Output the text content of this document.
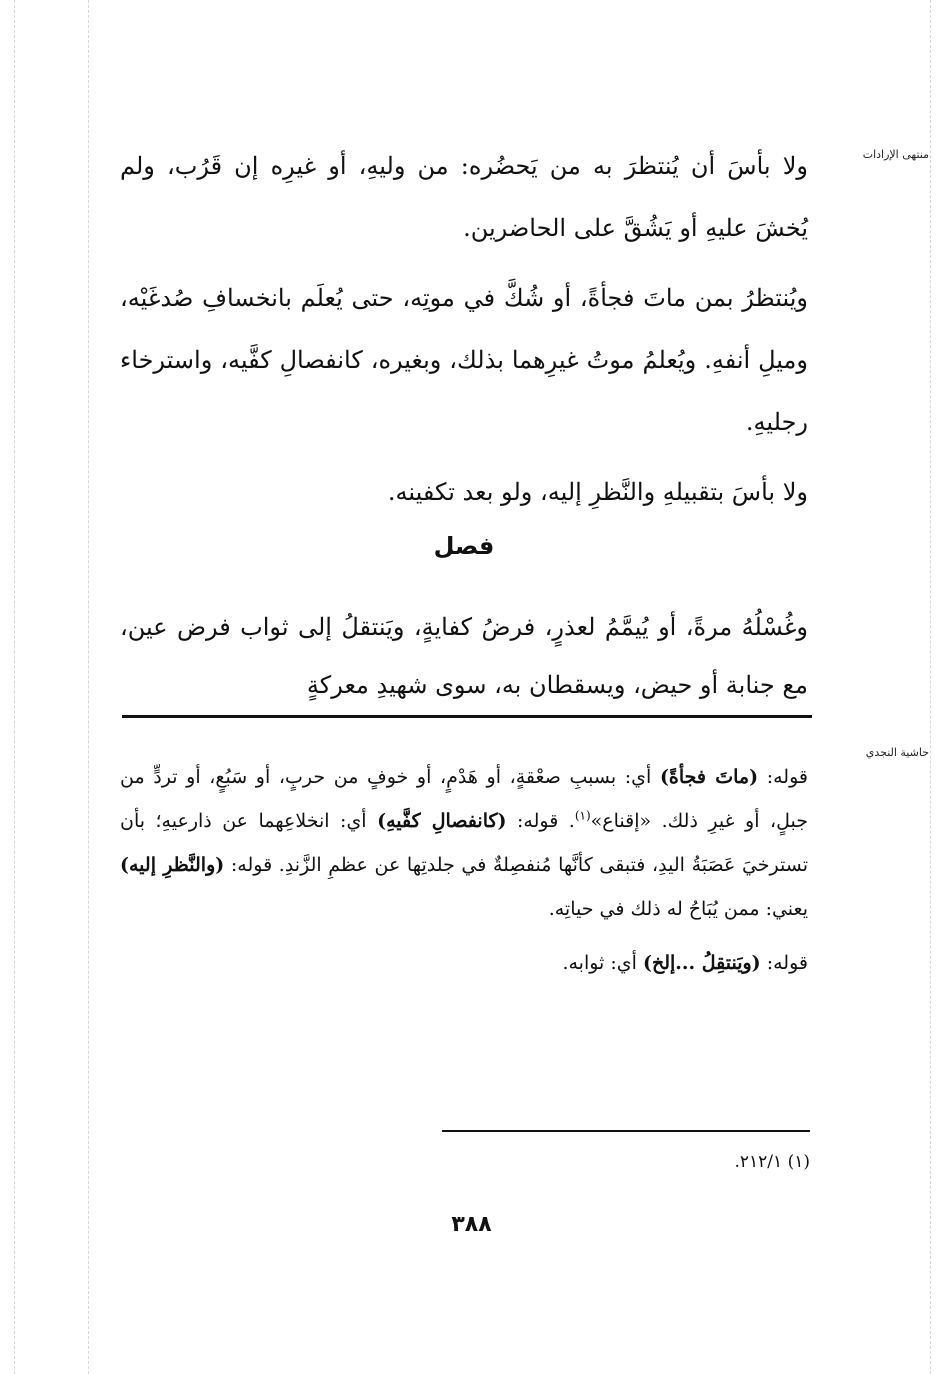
منتهى الإرادات
حاشية النجدي

ولا بأسَ أن يُنتظرَ به من يَحضُره: من وليهِ، أو غيرِه إن قَرُب، ولم يُخشَ عليهِ أو يَشُقَّ على الحاضرين.

ويُنتظرُ بمن ماتَ فجأةً، أو شُكَّ في موتِه، حتى يُعلَم بانخسافِ صُدغَيْه، وميلِ أنفهِ. ويُعلمُ موتُ غيرِهما بذلك، وبغيره، كانفصالِ كفَّيه، واسترخاء رجليهِ.

ولا بأسَ بتقبيلهِ والنَّظرِ إليه، ولو بعد تكفينه.

فصل

وغُسْلُهُ مرةً، أو يُيمَّمُ لعذرٍ، فرضُ كفايةٍ، ويَنتقلُ إلى ثواب فرض عين، مع جنابة أو حيض، ويسقطان به، سوى شهيدِ معركةٍ

قوله: (ماتَ فجأةً) أي: بسببِ صعْقةٍ، أو هَدْمٍ، أو خوفٍ من حربٍ، أو سَبُعٍ، أو تردٍّ من جبلٍ، أو غيرِ ذلك. «إقناع»$^{(١)}$. قوله: (كانفصالِ كفَّيهِ) أي: انخلاعِهما عن ذارعيهِ؛ بأن تسترخيَ عَصَبَةُ اليدِ، فتبقى كأنَّها مُنفصِلةٌ في جلدتِها عن عظمِ الزَّندِ. قوله: (والنَّظرِ إليه) يعني: ممن يُبَاحُ له ذلك في حياتِه.

قوله: (ويَنتقِلُ ...إلخ) أي: ثوابه.

(١) ٢١٢/١.
٣٨٨
